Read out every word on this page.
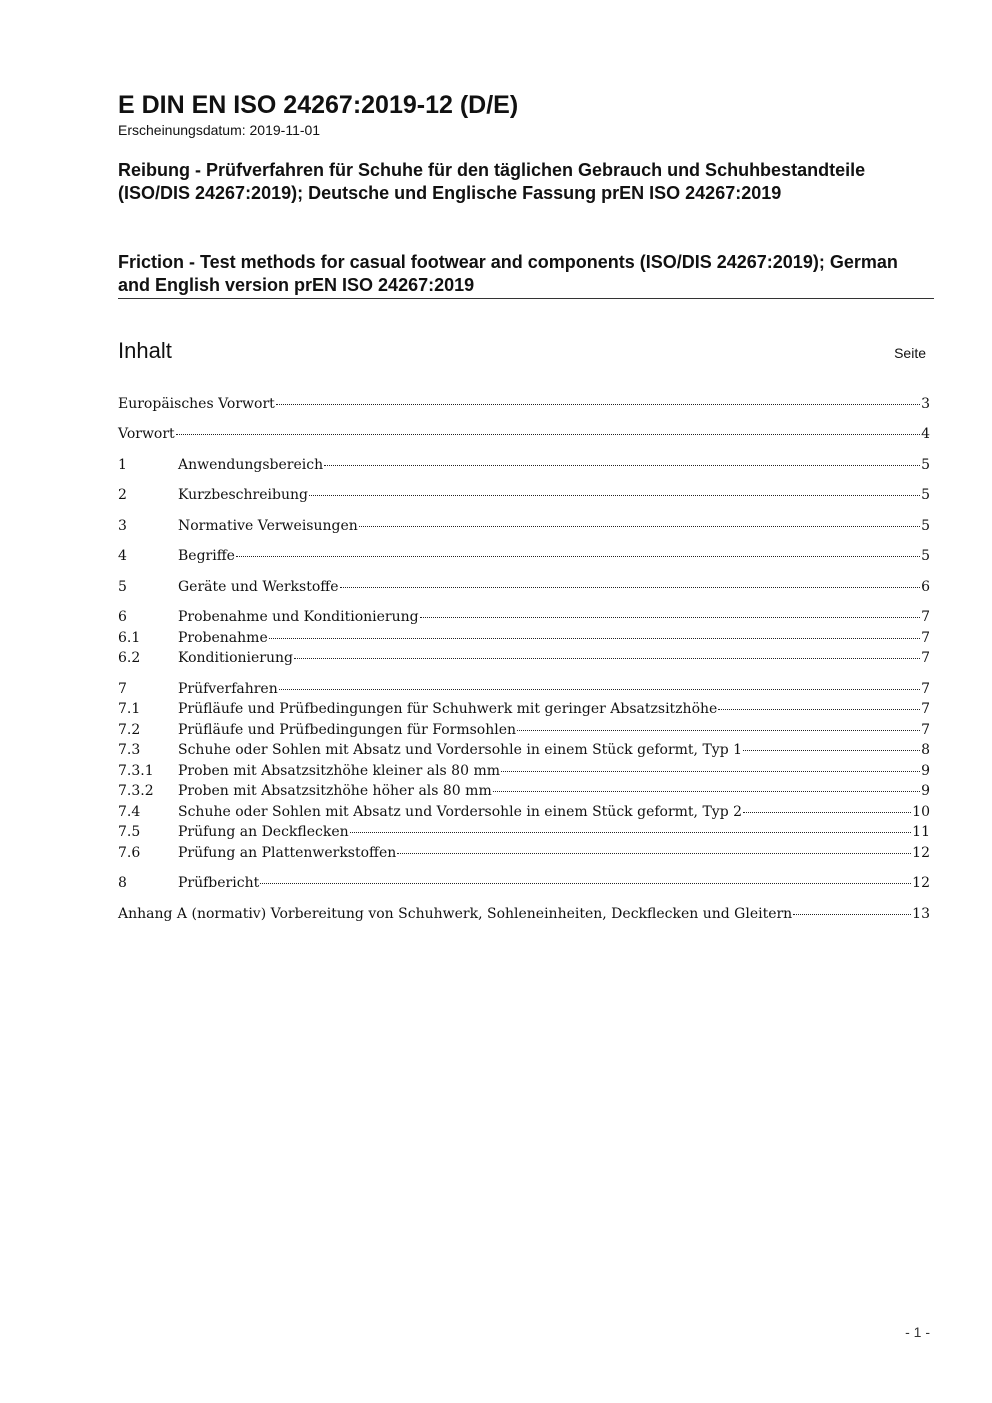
E DIN EN ISO 24267:2019-12 (D/E)
Erscheinungsdatum: 2019-11-01
Reibung - Prüfverfahren für Schuhe für den täglichen Gebrauch und Schuhbestandteile (ISO/DIS 24267:2019); Deutsche und Englische Fassung prEN ISO 24267:2019
Friction - Test methods for casual footwear and components (ISO/DIS 24267:2019); German and English version prEN ISO 24267:2019
Inhalt	Seite
Europäisches Vorwort	3
Vorwort	4
1	Anwendungsbereich	5
2	Kurzbeschreibung	5
3	Normative Verweisungen	5
4	Begriffe	5
5	Geräte und Werkstoffe	6
6	Probenahme und Konditionierung	7
6.1	Probenahme	7
6.2	Konditionierung	7
7	Prüfverfahren	7
7.1	Prüfläufe und Prüfbedingungen für Schuhwerk mit geringer Absatzsitzhöhe	7
7.2	Prüfläufe und Prüfbedingungen für Formsohlen	7
7.3	Schuhe oder Sohlen mit Absatz und Vordersohle in einem Stück geformt, Typ 1	8
7.3.1	Proben mit Absatzsitzhöhe kleiner als 80 mm	9
7.3.2	Proben mit Absatzsitzhöhe höher als 80 mm	9
7.4	Schuhe oder Sohlen mit Absatz und Vordersohle in einem Stück geformt, Typ 2	10
7.5	Prüfung an Deckflecken	11
7.6	Prüfung an Plattenwerkstoffen	12
8	Prüfbericht	12
Anhang A (normativ) Vorbereitung von Schuhwerk, Sohleneinheiten, Deckflecken und Gleitern	13
- 1 -
